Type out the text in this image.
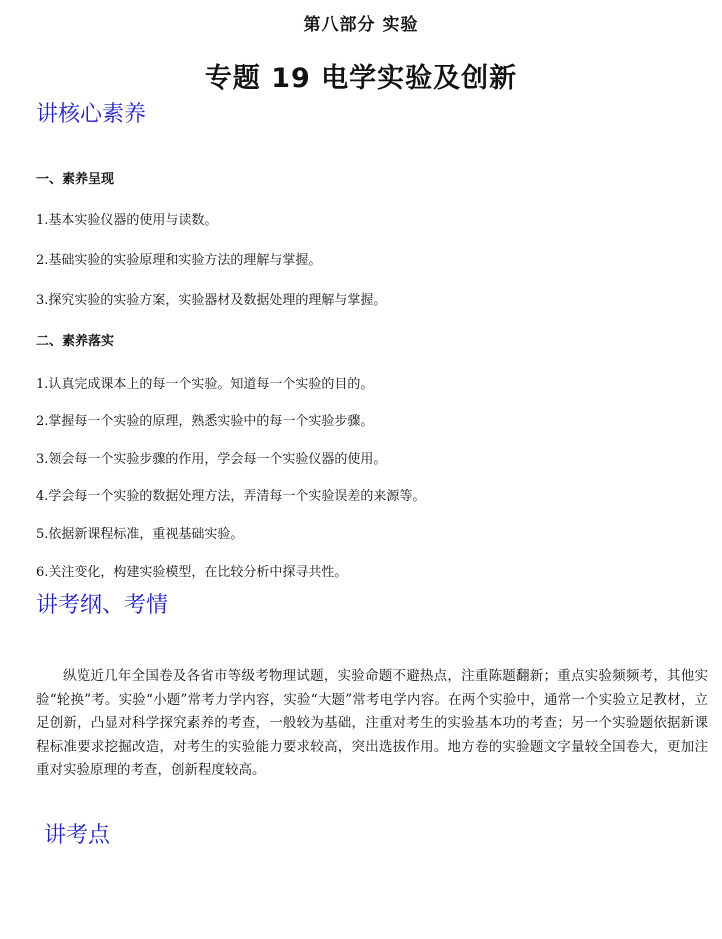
第八部分 实验
专题 19 电学实验及创新
讲核心素养
一、素养呈现
1.基本实验仪器的使用与读数。
2.基础实验的实验原理和实验方法的理解与掌握。
3.探究实验的实验方案，实验器材及数据处理的理解与掌握。
二、素养落实
1.认真完成课本上的每一个实验。知道每一个实验的目的。
2.掌握每一个实验的原理，熟悉实验中的每一个实验步骤。
3.领会每一个实验步骤的作用，学会每一个实验仪器的使用。
4.学会每一个实验的数据处理方法，弄清每一个实验误差的来源等。
5.依据新课程标准，重视基础实验。
6.关注变化，构建实验模型，在比较分析中探寻共性。
讲考纲、考情

纵览近几年全国卷及各省市等级考物理试题，实验命题不避热点，注重陈题翻新；重点实验频频考，其他实验“轮换”考。实验“小题”常考力学内容，实验“大题”常考电学内容。在两个实验中，通常一个实验立足教材，立足创新，凸显对科学探究素养的考查，一般较为基础，注重对考生的实验基本功的考查；另一个实验题依据新课程标准要求挖掘改造，对考生的实验能力要求较高，突出选拔作用。地方卷的实验题文字量较全国卷大，更加注重对实验原理的考查，创新程度较高。

讲考点
